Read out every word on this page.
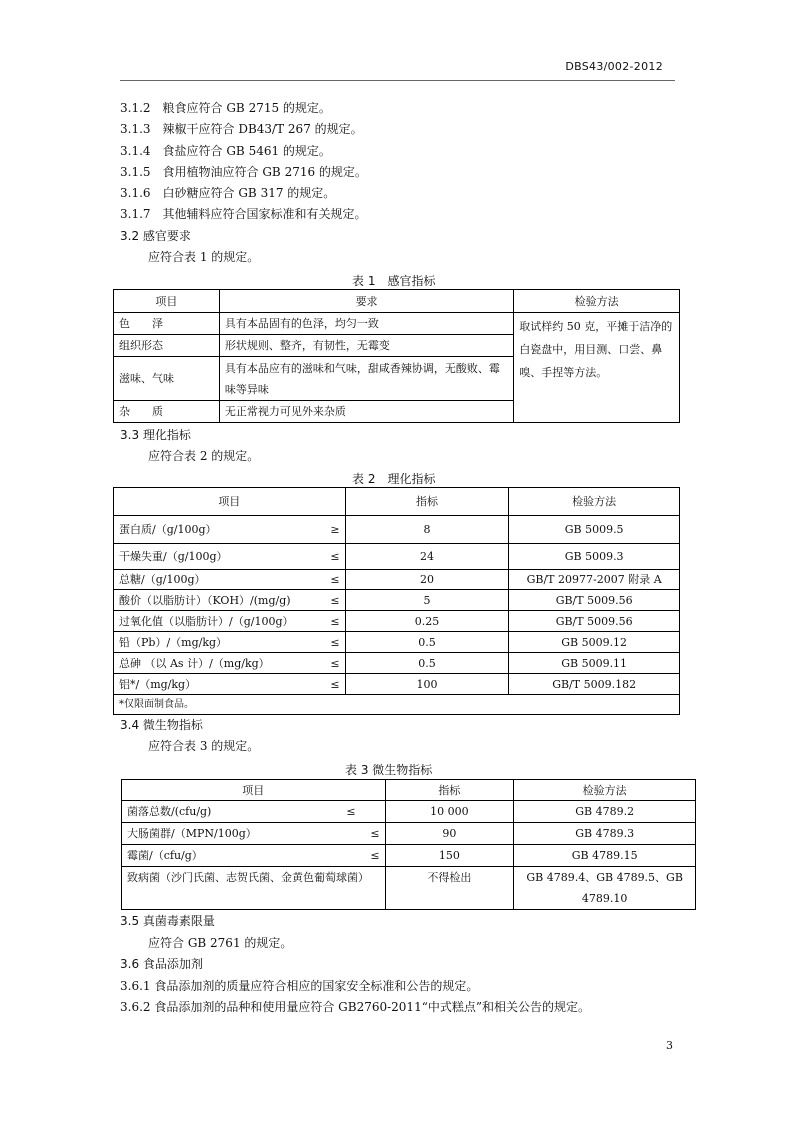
DBS43/002-2012
3.1.2　粮食应符合 GB 2715 的规定。
3.1.3　辣椒干应符合 DB43/T 267 的规定。
3.1.4　食盐应符合 GB 5461 的规定。
3.1.5　食用植物油应符合 GB 2716 的规定。
3.1.6　白砂糖应符合 GB 317 的规定。
3.1.7　其他辅料应符合国家标准和有关规定。
3.2 感官要求
应符合表 1 的规定。
表 1　感官指标
项目	要求	检验方法
色　　泽	具有本品固有的色泽，均匀一致	取试样约 50 克，平摊于洁净的白瓷盘中，用目测、口尝、鼻嗅、手捏等方法。
组织形态	形状规则、整齐，有韧性，无霉变	
滋味、气味	具有本品应有的滋味和气味，甜咸香辣协调，无酸败、霉味等异味	
杂　　质	无正常视力可见外来杂质	
3.3 理化指标
应符合表 2 的规定。
表 2　理化指标
项目	指标	检验方法

蛋白质/（g/100g） ≥	8	GB 5009.5

干燥失重/（g/100g） ≤	24	GB 5009.3

总糖/（g/100g） ≤	20	GB/T 20977-2007 附录 A

酸价（以脂肪计）（KOH）/(mg/g) ≤	5	GB/T 5009.56

过氧化值（以脂肪计）/（g/100g） ≤	0.25	GB/T 5009.56

铅（Pb）/（mg/kg） ≤	0.5	GB 5009.12

总砷 （以 As 计）/（mg/kg） ≤	0.5	GB 5009.11

铝*/（mg/kg） ≤	100	GB/T 5009.182
*仅限面制食品。		
3.4 微生物指标
应符合表 3 的规定。
表 3 微生物指标
项目	指标	检验方法

菌落总数/(cfu/g) ≤	10 000	GB 4789.2

大肠菌群/（MPN/100g） ≤	90	GB 4789.3

霉菌/（cfu/g） ≤	150	GB 4789.15
致病菌（沙门氏菌、志贺氏菌、金黄色葡萄球菌）	不得检出	GB 4789.4、GB 4789.5、GB 4789.10
3.5 真菌毒素限量
应符合 GB 2761 的规定。
3.6 食品添加剂
3.6.1 食品添加剂的质量应符合相应的国家安全标准和公告的规定。
3.6.2 食品添加剂的品种和使用量应符合 GB2760-2011“中式糕点”和相关公告的规定。
3
